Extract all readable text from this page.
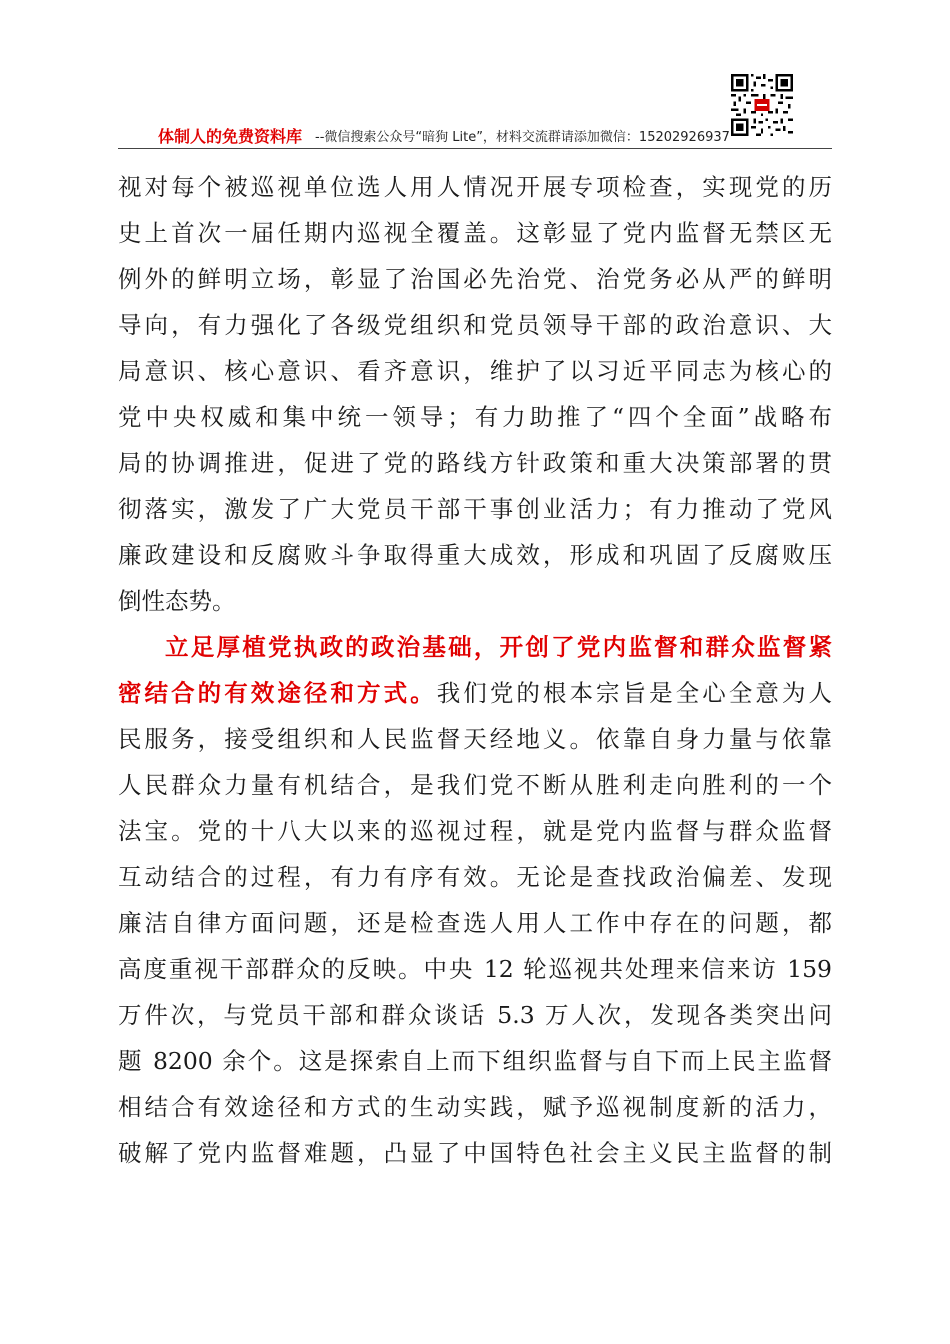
体制人的免费资料库 --微信搜索公众号“暗狗 Lite”，材料交流群请添加微信：15202926937
视对每个被巡视单位选人用人情况开展专项检查，实现党的历
史上首次一届任期内巡视全覆盖。这彰显了党内监督无禁区无
例外的鲜明立场，彰显了治国必先治党、治党务必从严的鲜明
导向，有力强化了各级党组织和党员领导干部的政治意识、大
局意识、核心意识、看齐意识，维护了以习近平同志为核心的
党中央权威和集中统一领导；有力助推了“四个全面”战略布
局的协调推进，促进了党的路线方针政策和重大决策部署的贯
彻落实，激发了广大党员干部干事创业活力；有力推动了党风
廉政建设和反腐败斗争取得重大成效，形成和巩固了反腐败压
倒性态势。
立足厚植党执政的政治基础，开创了党内监督和群众监督紧
密结合的有效途径和方式。我们党的根本宗旨是全心全意为人
民服务，接受组织和人民监督天经地义。依靠自身力量与依靠
人民群众力量有机结合，是我们党不断从胜利走向胜利的一个
法宝。党的十八大以来的巡视过程，就是党内监督与群众监督
互动结合的过程，有力有序有效。无论是查找政治偏差、发现
廉洁自律方面问题，还是检查选人用人工作中存在的问题，都
高度重视干部群众的反映。中央 12 轮巡视共处理来信来访 159
万件次，与党员干部和群众谈话 5.3 万人次，发现各类突出问
题 8200 余个。这是探索自上而下组织监督与自下而上民主监督
相结合有效途径和方式的生动实践，赋予巡视制度新的活力，
破解了党内监督难题，凸显了中国特色社会主义民主监督的制
